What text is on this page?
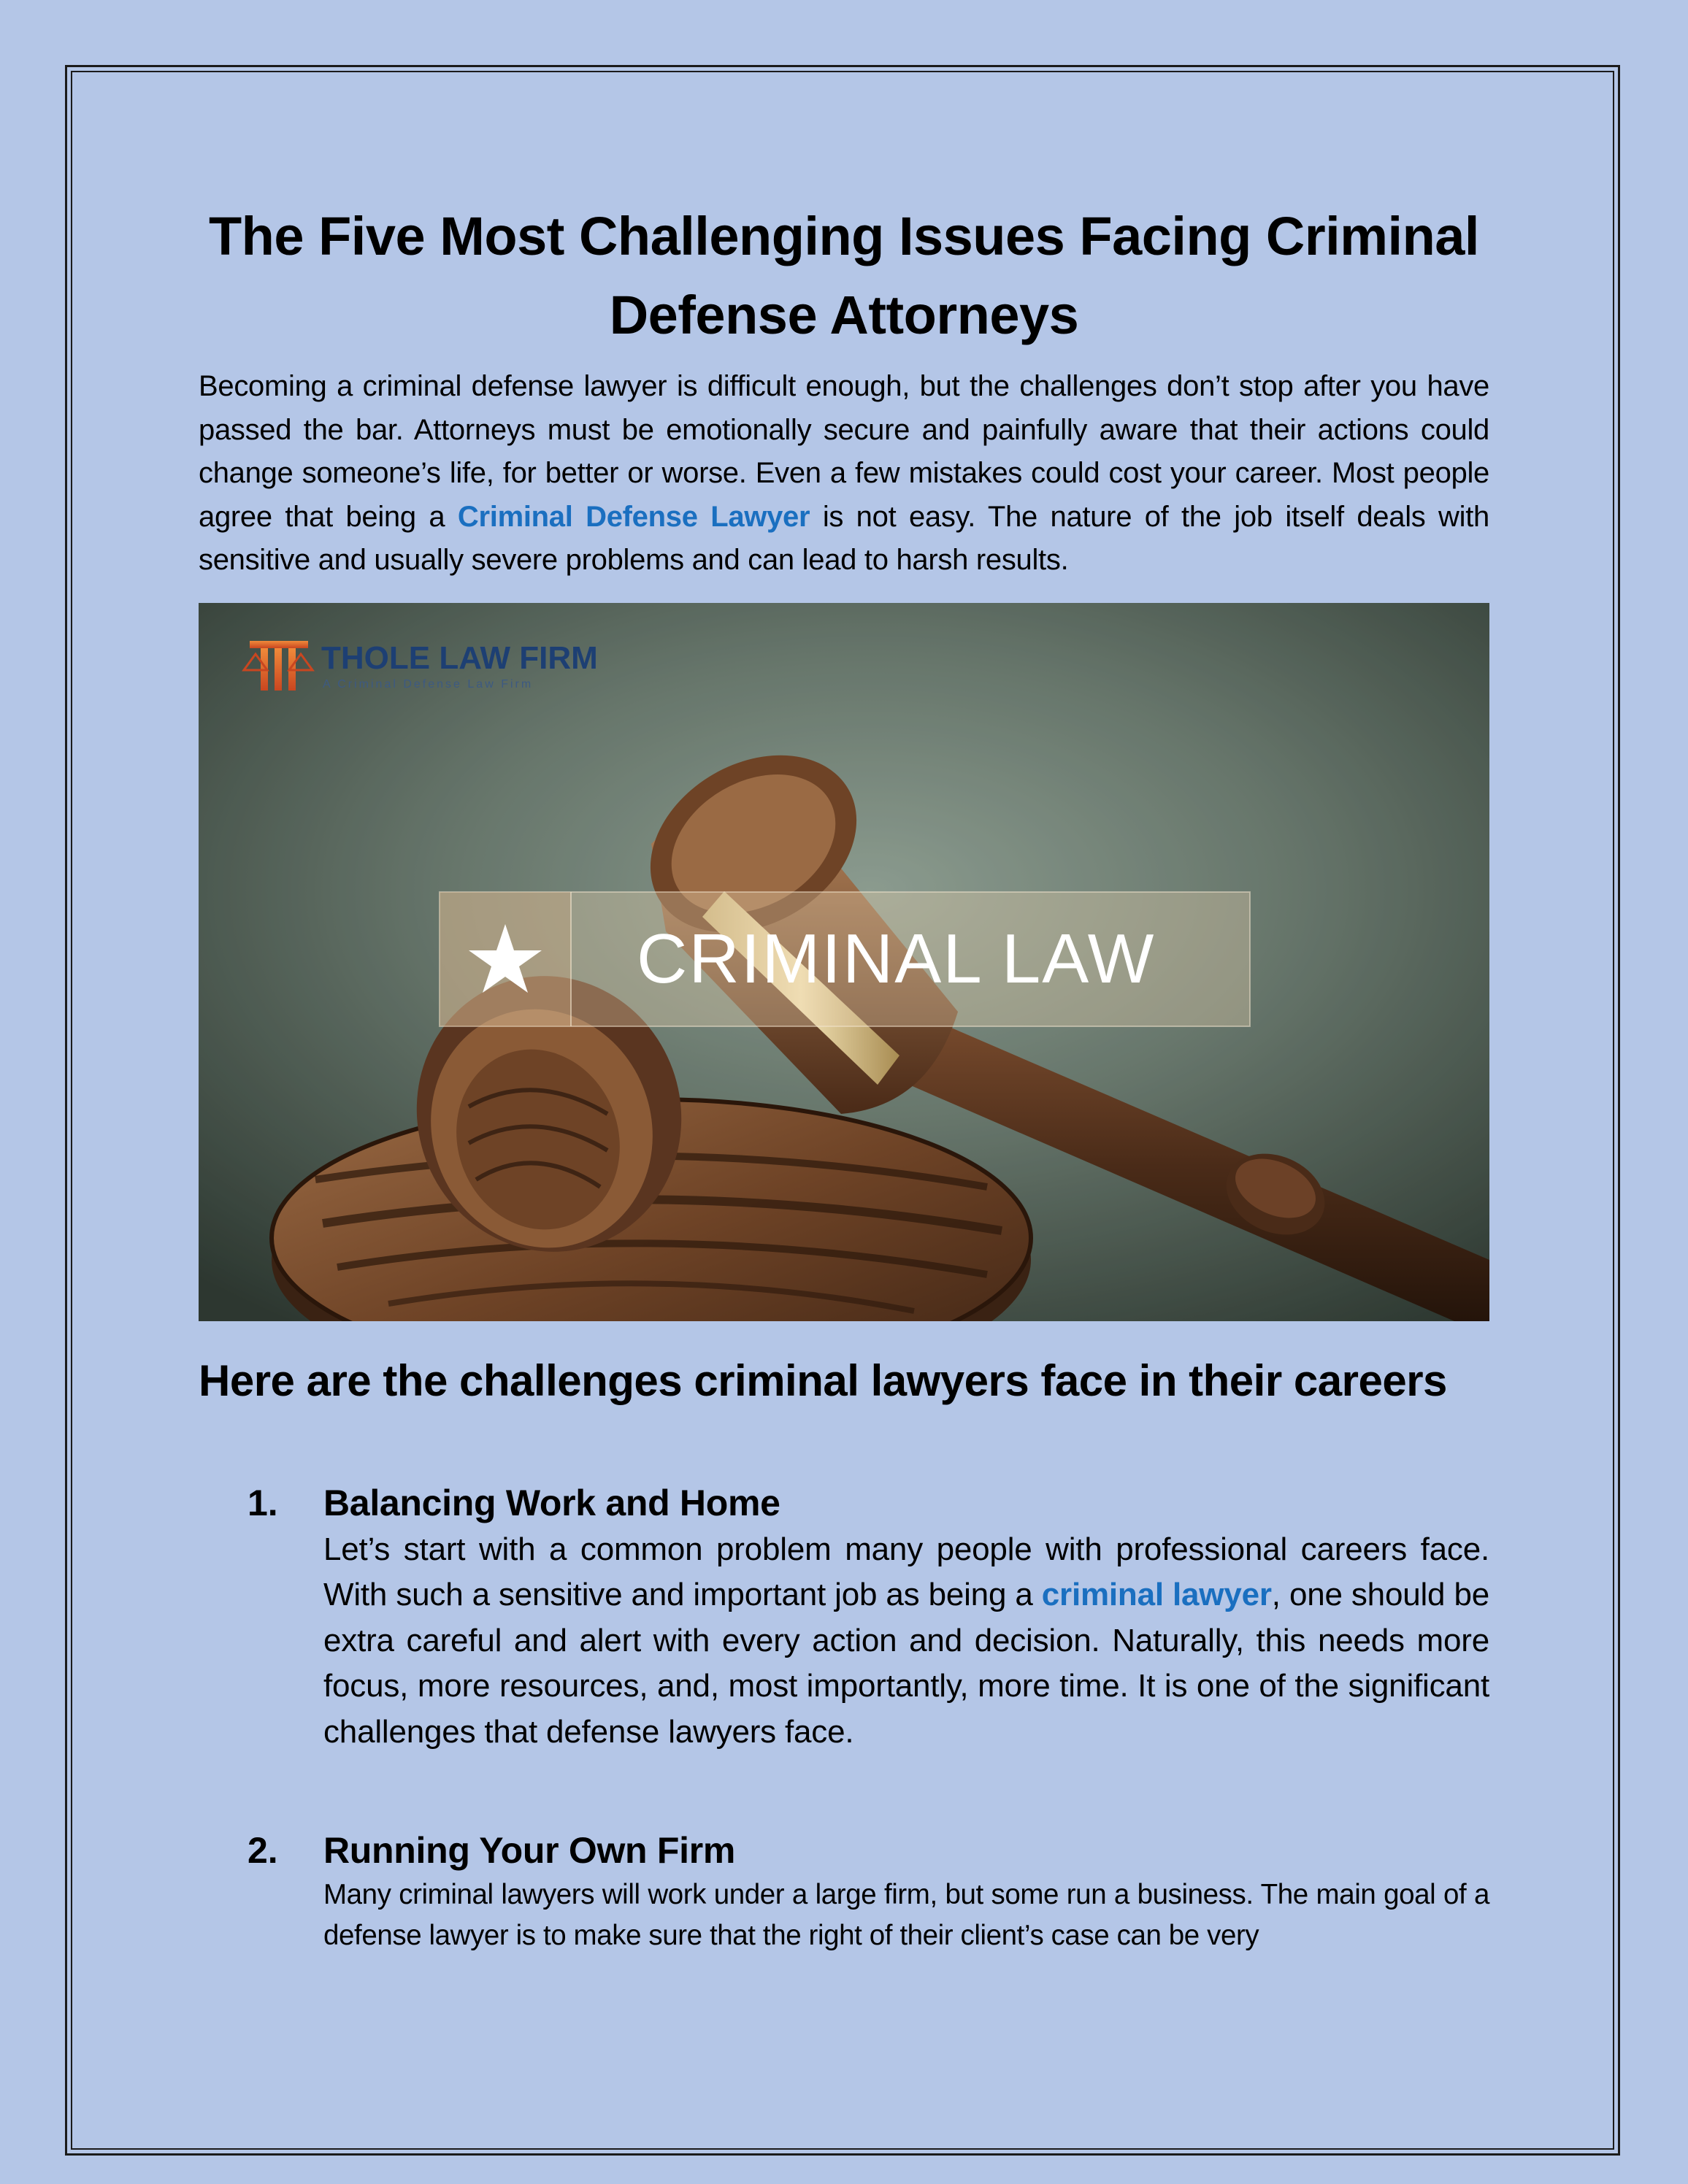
The Five Most Challenging Issues Facing Criminal Defense Attorneys

Becoming a criminal defense lawyer is difficult enough, but the challenges don’t stop after you have passed the bar. Attorneys must be emotionally secure and painfully aware that their actions could change someone’s life, for better or worse. Even a few mistakes could cost your career. Most people agree that being a Criminal Defense Lawyer is not easy. The nature of the job itself deals with sensitive and usually severe problems and can lead to harsh results.

CRIMINAL LAW
THOLE LAW FIRM
A Criminal Defense Law Firm
Here are the challenges criminal lawyers face in their careers
1. Balancing Work and Home

Let’s start with a common problem many people with professional careers face. With such a sensitive and important job as being a criminal lawyer, one should be extra careful and alert with every action and decision. Naturally, this needs more focus, more resources, and, most importantly, more time. It is one of the significant challenges that defense lawyers face.

2. Running Your Own Firm

Many criminal lawyers will work under a large firm, but some run a business. The main goal of a defense lawyer is to make sure that the right of their client’s case can be very
